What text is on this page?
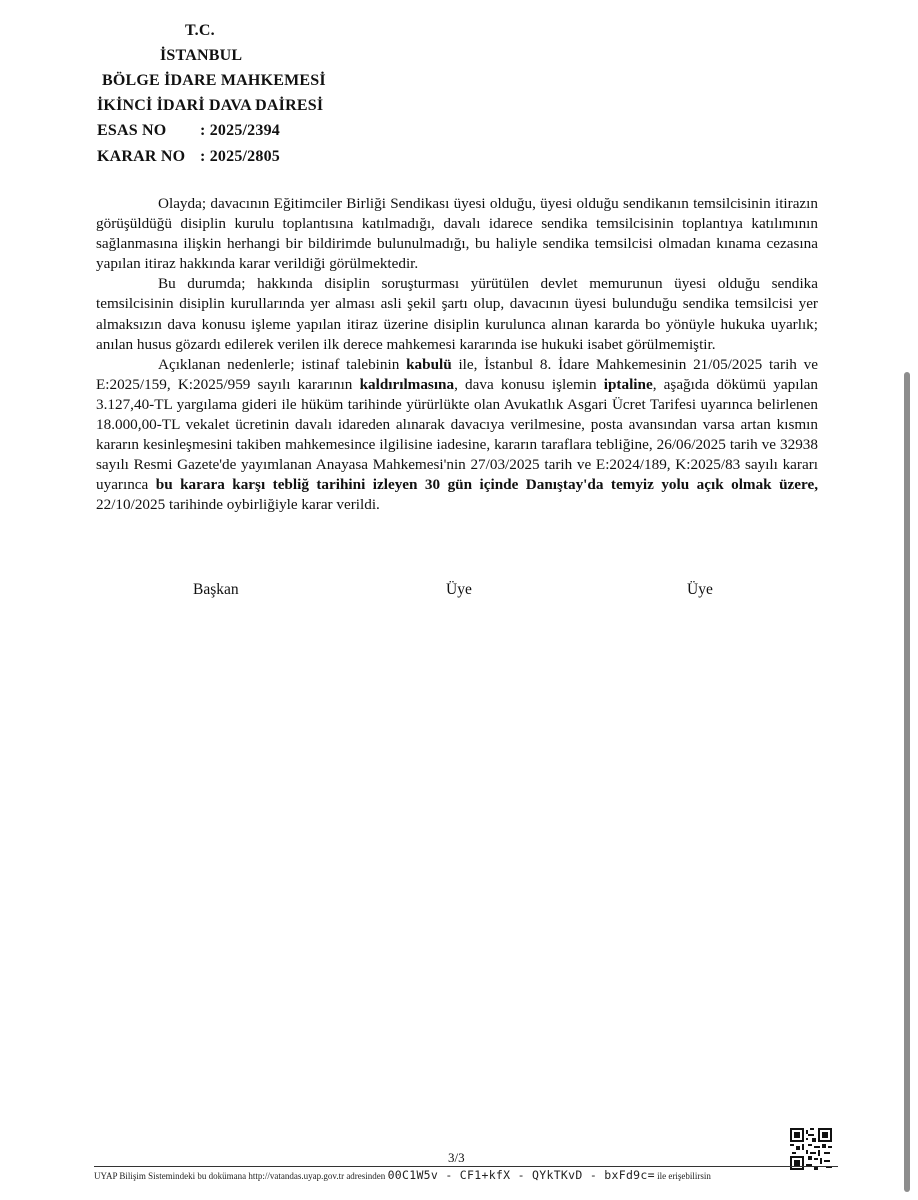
T.C.
İSTANBUL
BÖLGE İDARE MAHKEMESİ
İKİNCİ İDARİ DAVA DAİRESİ
ESAS NO : 2025/2394
KARAR NO : 2025/2805

Olayda; davacının Eğitimciler Birliği Sendikası üyesi olduğu, üyesi olduğu sendikanın temsilcisinin itirazın görüşüldüğü disiplin kurulu toplantısına katılmadığı, davalı idarece sendika temsilcisinin toplantıya katılımının sağlanmasına ilişkin herhangi bir bildirimde bulunulmadığı, bu haliyle sendika temsilcisi olmadan kınama cezasına yapılan itiraz hakkında karar verildiği görülmektedir.

Bu durumda; hakkında disiplin soruşturması yürütülen devlet memurunun üyesi olduğu sendika temsilcisinin disiplin kurullarında yer alması asli şekil şartı olup, davacının üyesi bulunduğu sendika temsilcisi yer almaksızın dava konusu işleme yapılan itiraz üzerine disiplin kurulunca alınan kararda bo yönüyle hukuka uyarlık; anılan husus gözardı edilerek verilen ilk derece mahkemesi kararında ise hukuki isabet görülmemiştir.

Açıklanan nedenlerle; istinaf talebinin kabulü ile, İstanbul 8. İdare Mahkemesinin 21/05/2025 tarih ve E:2025/159, K:2025/959 sayılı kararının kaldırılmasına, dava konusu işlemin iptaline, aşağıda dökümü yapılan 3.127,40-TL yargılama gideri ile hüküm tarihinde yürürlükte olan Avukatlık Asgari Ücret Tarifesi uyarınca belirlenen 18.000,00-TL vekalet ücretinin davalı idareden alınarak davacıya verilmesine, posta avansından varsa artan kısmın kararın kesinleşmesini takiben mahkemesince ilgilisine iadesine, kararın taraflara tebliğine, 26/06/2025 tarih ve 32938 sayılı Resmi Gazete'de yayımlanan Anayasa Mahkemesi'nin 27/03/2025 tarih ve E:2024/189, K:2025/83 sayılı kararı uyarınca bu karara karşı tebliğ tarihini izleyen 30 gün içinde Danıştay'da temyiz yolu açık olmak üzere, 22/10/2025 tarihinde oybirliğiyle karar verildi.

Başkan	Üye	Üye
3/3
UYAP Bilişim Sistemindeki bu dokümana http://vatandas.uyap.gov.tr adresinden 00C1W5v - CF1+kfX - QYkTKvD - bxFd9c= ile erişebilirsin
